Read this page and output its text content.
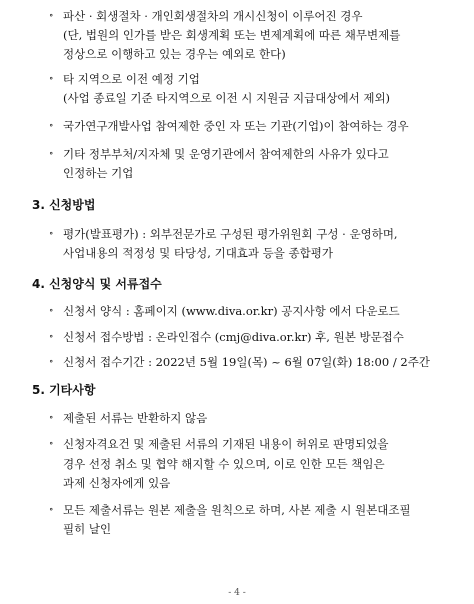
∘ 파산 · 회생절차 · 개인회생절차의 개시신청이 이루어진 경우
(단, 법원의 인가를 받은 회생계획 또는 변제계획에 따른 채무변제를
정상으로 이행하고 있는 경우는 예외로 한다)
∘ 타 지역으로 이전 예정 기업
(사업 종료일 기준 타지역으로 이전 시 지원금 지급대상에서 제외)
∘ 국가연구개발사업 참여제한 중인 자 또는 기관(기업)이 참여하는 경우
∘ 기타 정부부처/지자체 및 운영기관에서 참여제한의 사유가 있다고
인정하는 기업
3. 신청방법
∘ 평가(발표평가) : 외부전문가로 구성된 평가위원회 구성 · 운영하며,
사업내용의 적정성 및 타당성, 기대효과 등을 종합평가
4. 신청양식 및 서류접수
∘ 신청서 양식 : 홈페이지 (www.diva.or.kr) 공지사항 에서 다운로드
∘ 신청서 접수방법 : 온라인접수 (cmj@diva.or.kr) 후, 원본 방문접수
∘ 신청서 접수기간 : 2022년 5월 19일(목) ~ 6월 07일(화) 18:00 / 2주간
5. 기타사항
∘ 제출된 서류는 반환하지 않음
∘ 신청자격요건 및 제출된 서류의 기재된 내용이 허위로 판명되었을
경우 선정 취소 및 협약 해지할 수 있으며, 이로 인한 모든 책임은
과제 신청자에게 있음
∘ 모든 제출서류는 원본 제출을 원칙으로 하며, 사본 제출 시 원본대조필
필히 날인
- 4 -
